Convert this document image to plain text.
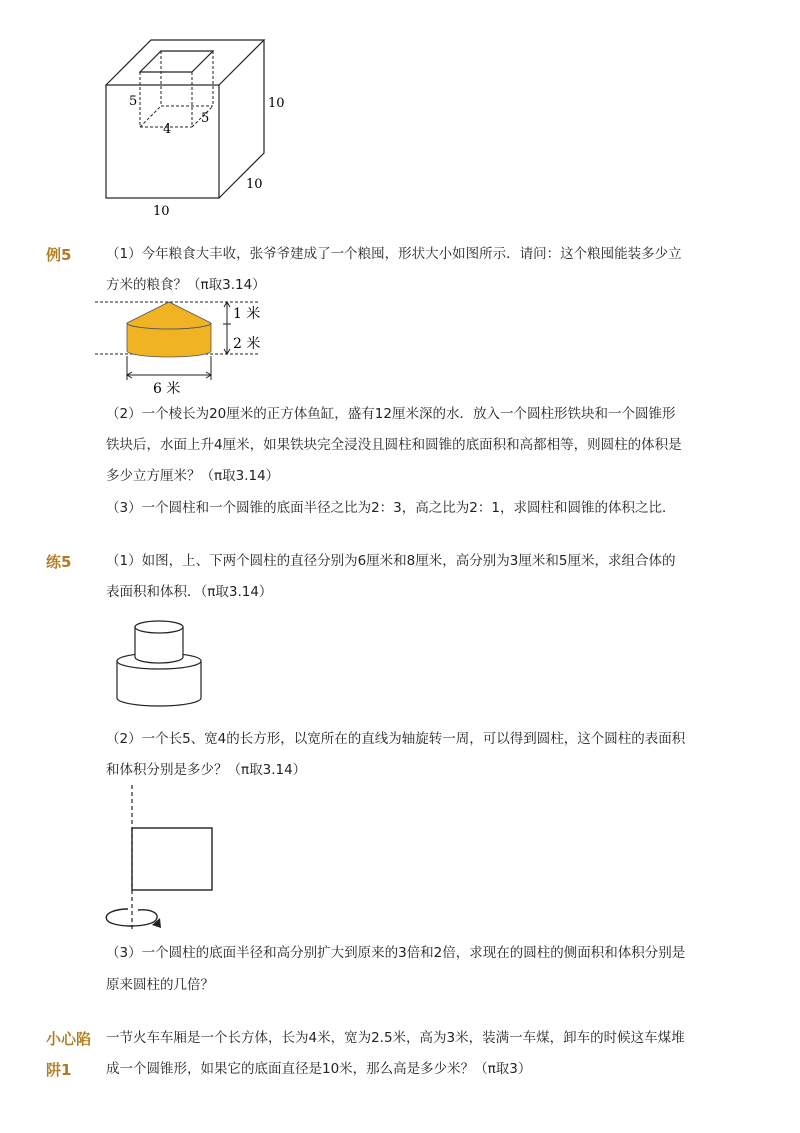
5
4
5
10
10
10
例5	（1）今年粮食大丰收，张爷爷建成了一个粮囤，形状大小如图所示．请问：这个粮囤能装多少立
方米的粮食？（π取3.14）
1 米
2 米
6 米
（2）一个棱长为20厘米的正方体鱼缸，盛有12厘米深的水．放入一个圆柱形铁块和一个圆锥形
铁块后，水面上升4厘米，如果铁块完全浸没且圆柱和圆锥的底面积和高都相等，则圆柱的体积是
多少立方厘米？（π取3.14）
（3）一个圆柱和一个圆锥的底面半径之比为2：3，高之比为2：1，求圆柱和圆锥的体积之比．
练5	（1）如图，上、下两个圆柱的直径分别为6厘米和8厘米，高分别为3厘米和5厘米，求组合体的
表面积和体积．（π取3.14）
（2）一个长5、宽4的长方形，以宽所在的直线为轴旋转一周，可以得到圆柱，这个圆柱的表面积
和体积分别是多少？（π取3.14）
（3）一个圆柱的底面半径和高分别扩大到原来的3倍和2倍，求现在的圆柱的侧面积和体积分别是
原来圆柱的几倍？
小心陷
阱1
一节火车车厢是一个长方体，长为4米，宽为2.5米，高为3米，装满一车煤，卸车的时候这车煤堆
成一个圆锥形，如果它的底面直径是10米，那么高是多少米？（π取3）
